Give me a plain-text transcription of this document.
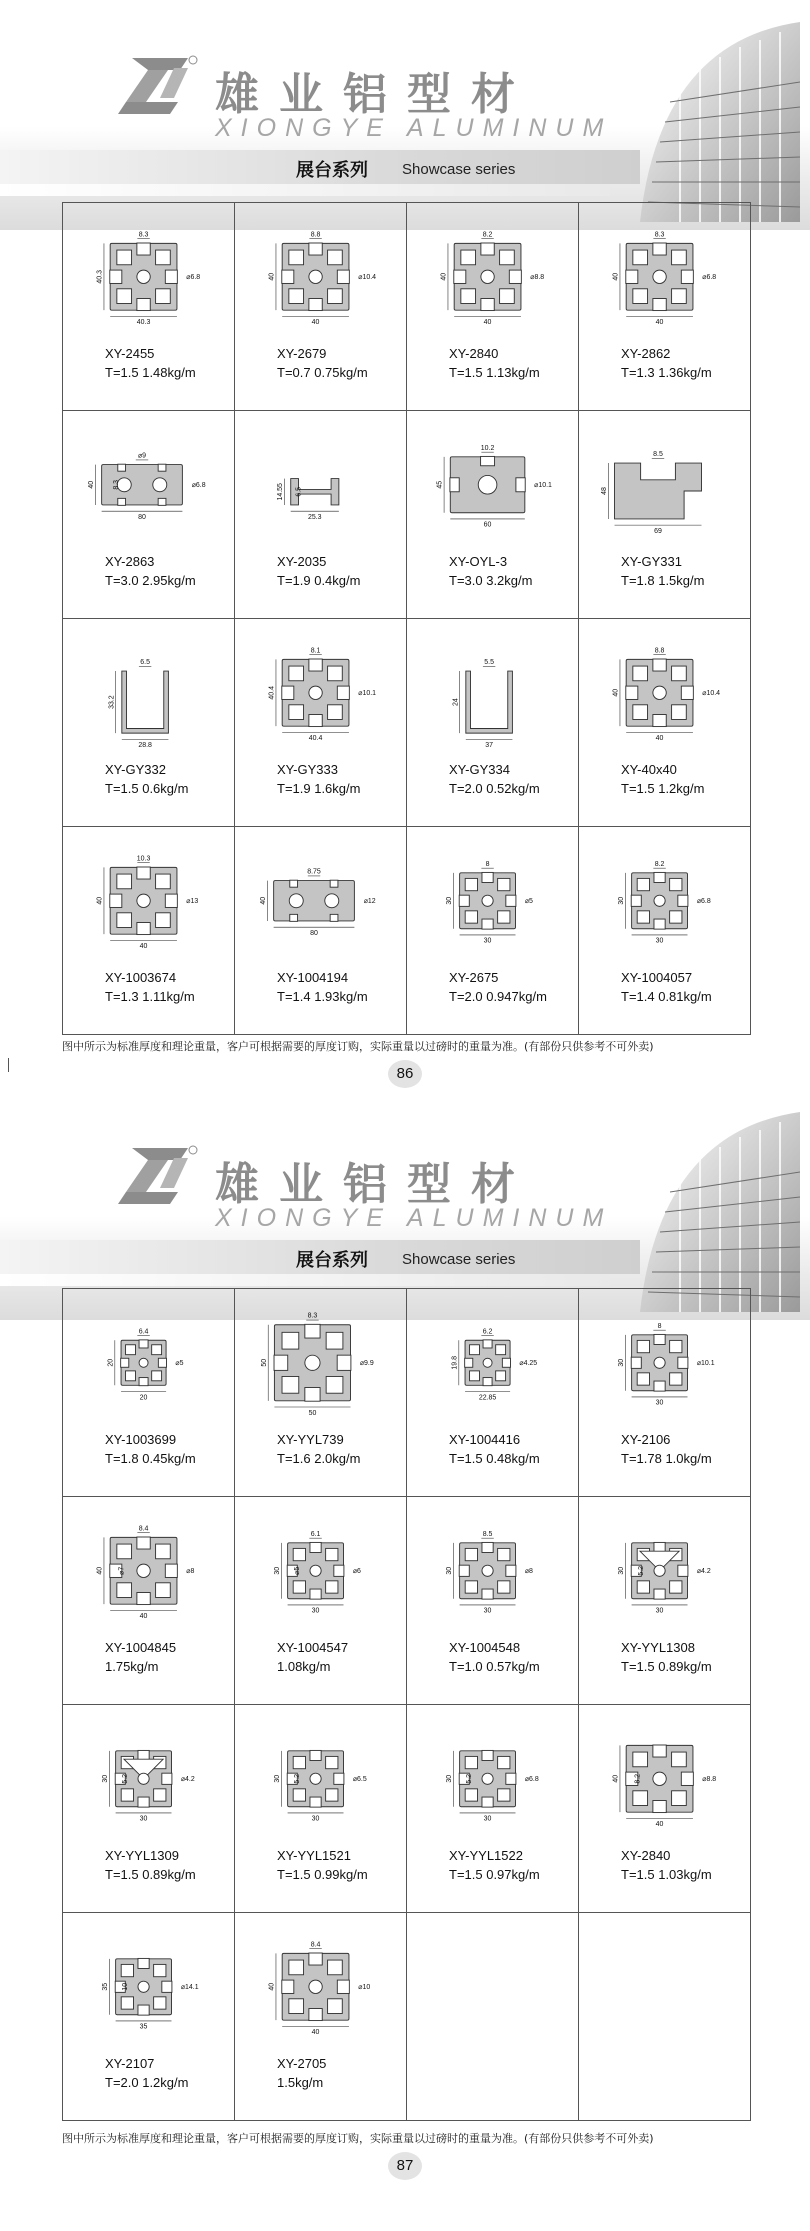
雄业铝型材
XIONGYE ALUMINUM
展台系列 Showcase series
8.3
40.3
40.3
⌀6.8
XY-2455
T=1.5 1.48kg/m
8.8
40
40
⌀10.4
XY-2679
T=0.7 0.75kg/m
8.2
40
40
⌀8.8
XY-2840
T=1.5 1.13kg/m
8.3
40
40
⌀6.8
XY-2862
T=1.3 1.36kg/m
⌀9
40
80
⌀6.8
8.3
XY-2863
T=3.0 2.95kg/m
14.55
25.3
6.5
XY-2035
T=1.9 0.4kg/m
10.2
45
60
⌀10.1
XY-OYL-3
T=3.0 3.2kg/m
8.5
48
69
XY-GY331
T=1.8 1.5kg/m
6.5
33.2
28.8
XY-GY332
T=1.5 0.6kg/m
8.1
40.4
40.4
⌀10.1
XY-GY333
T=1.9 1.6kg/m
5.5
24
37
XY-GY334
T=2.0 0.52kg/m
8.8
40
40
⌀10.4
XY-40x40
T=1.5 1.2kg/m
10.3
40
40
⌀13
XY-1003674
T=1.3 1.11kg/m
8.75
40
80
⌀12
XY-1004194
T=1.4 1.93kg/m
8
30
30
⌀5
XY-2675
T=2.0 0.947kg/m
8.2
30
30
⌀6.8
XY-1004057
T=1.4 0.81kg/m
图中所示为标准厚度和理论重量，客户可根据需要的厚度订购，实际重量以过磅时的重量为准。(有部份只供参考不可外卖)
86
雄业铝型材
XIONGYE ALUMINUM
展台系列 Showcase series
6.4
20
20
⌀5
XY-1003699
T=1.8 0.45kg/m
8.3
50
50
⌀9.9
XY-YYL739
T=1.6 2.0kg/m
6.2
19.8
22.85
⌀4.25
XY-1004416
T=1.5 0.48kg/m
8
30
30
⌀10.1
XY-2106
T=1.78 1.0kg/m
8.4
40
40
⌀8
⌀7
XY-1004845
1.75kg/m
6.1
30
30
⌀6
⌀5
XY-1004547
1.08kg/m
8.5
30
30
⌀8
XY-1004548
T=1.0 0.57kg/m
30
30
⌀4.2
5.2
XY-YYL1308
T=1.5 0.89kg/m
30
30
⌀4.2
5.2
XY-YYL1309
T=1.5 0.89kg/m
30
30
⌀6.5
5.2
XY-YYL1521
T=1.5 0.99kg/m
30
30
⌀6.8
5.2
XY-YYL1522
T=1.5 0.97kg/m
40
40
⌀8.8
8.2
XY-2840
T=1.5 1.03kg/m
35
35
⌀14.1
10
XY-2107
T=2.0 1.2kg/m
8.4
40
40
⌀10
XY-2705
1.5kg/m
图中所示为标准厚度和理论重量，客户可根据需要的厚度订购，实际重量以过磅时的重量为准。(有部份只供参考不可外卖)
87
